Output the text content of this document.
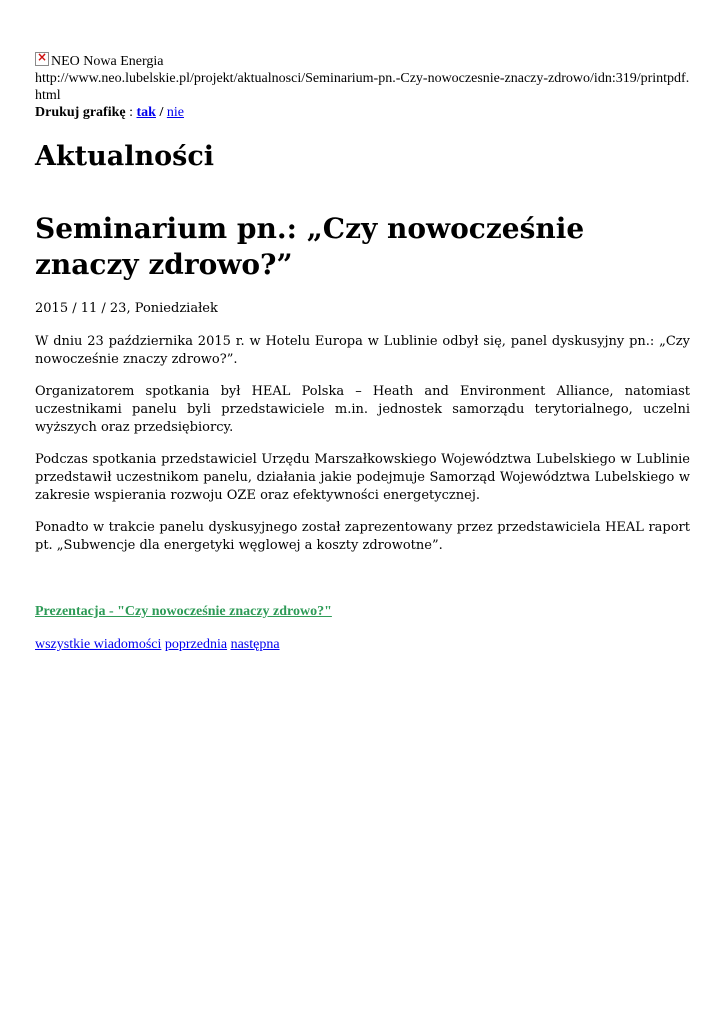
×NEO Nowa Energia
http://www.neo.lubelskie.pl/projekt/aktualnosci/Seminarium-pn.-Czy-nowoczesnie-znaczy-zdrowo/idn:319/printpdf.html
Drukuj grafikę : tak / nie
Aktualności
Seminarium pn.: „Czy nowocześnie znaczy zdrowo?”
2015 / 11 / 23, Poniedziałek

W dniu 23 października 2015 r. w Hotelu Europa w Lublinie odbył się, panel dyskusyjny pn.: „Czy nowocześnie znaczy zdrowo?”.

Organizatorem spotkania był HEAL Polska – Heath and Environment Alliance, natomiast uczestnikami panelu byli przedstawiciele m.in. jednostek samorządu terytorialnego, uczelni wyższych oraz przedsiębiorcy.

Podczas spotkania przedstawiciel Urzędu Marszałkowskiego Województwa Lubelskiego w Lublinie przedstawił uczestnikom panelu, działania jakie podejmuje Samorząd Województwa Lubelskiego w zakresie wspierania rozwoju OZE oraz efektywności energetycznej.

Ponadto w trakcie panelu dyskusyjnego został zaprezentowany przez przedstawiciela HEAL raport pt. „Subwencje dla energetyki węglowej a koszty zdrowotne”.

Prezentacja - "Czy nowocześnie znaczy zdrowo?"
wszystkie wiadomości poprzednia następna
